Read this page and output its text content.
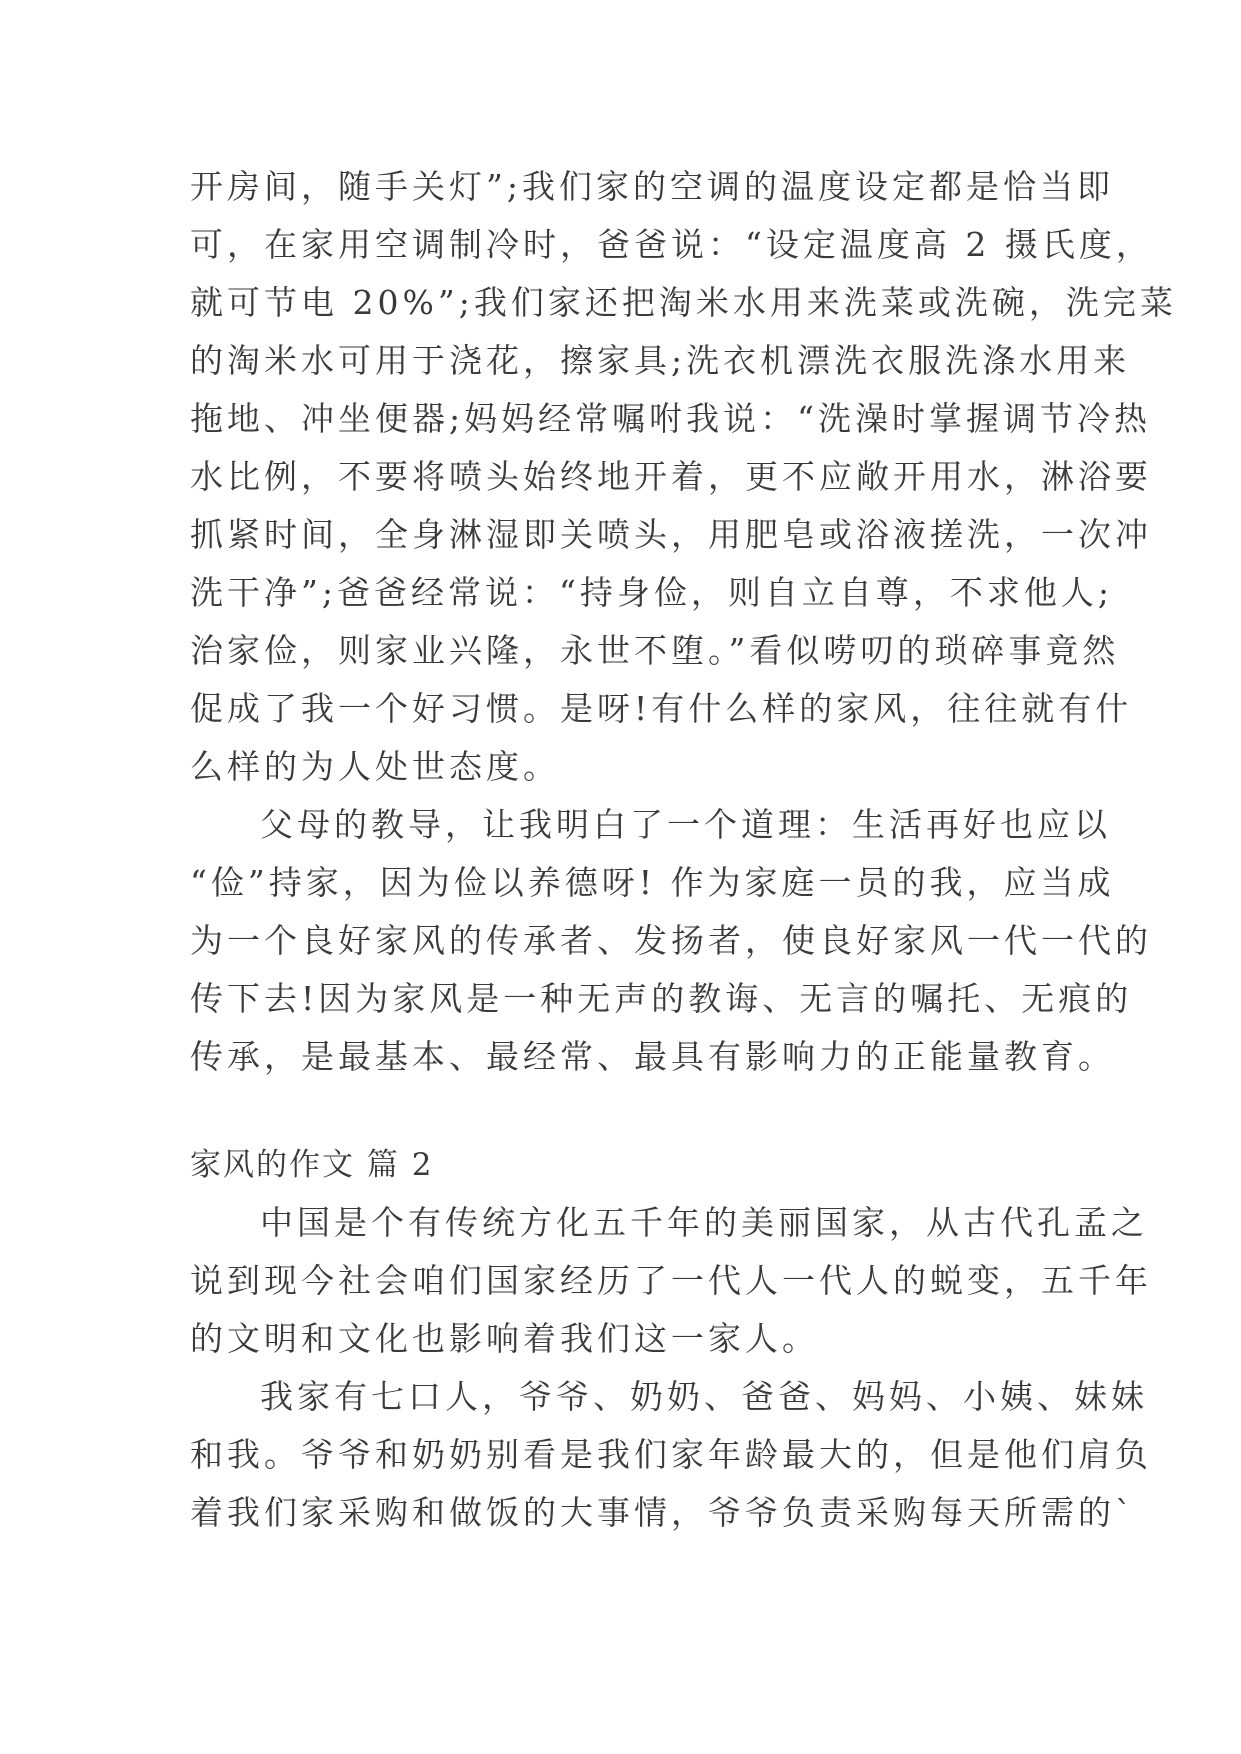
开房间，随手关灯”;我们家的空调的温度设定都是恰当即
可，在家用空调制冷时，爸爸说：“设定温度高 2 摄氏度，
就可节电 20%”;我们家还把淘米水用来洗菜或洗碗，洗完菜
的淘米水可用于浇花，擦家具;洗衣机漂洗衣服洗涤水用来
拖地、冲坐便器;妈妈经常嘱咐我说：“洗澡时掌握调节冷热
水比例，不要将喷头始终地开着，更不应敞开用水，淋浴要
抓紧时间，全身淋湿即关喷头，用肥皂或浴液搓洗，一次冲
洗干净”;爸爸经常说：“持身俭，则自立自尊，不求他人;
治家俭，则家业兴隆，永世不堕。”看似唠叨的琐碎事竟然
促成了我一个好习惯。是呀!有什么样的家风，往往就有什
么样的为人处世态度。
父母的教导，让我明白了一个道理：生活再好也应以
“俭”持家，因为俭以养德呀! 作为家庭一员的我，应当成
为一个良好家风的传承者、发扬者，使良好家风一代一代的
传下去!因为家风是一种无声的教诲、无言的嘱托、无痕的
传承，是最基本、最经常、最具有影响力的正能量教育。
家风的作文 篇 2
中国是个有传统方化五千年的美丽国家，从古代孔孟之
说到现今社会咱们国家经历了一代人一代人的蜕变，五千年
的文明和文化也影响着我们这一家人。
我家有七口人，爷爷、奶奶、爸爸、妈妈、小姨、妹妹
和我。爷爷和奶奶别看是我们家年龄最大的，但是他们肩负
着我们家采购和做饭的大事情，爷爷负责采购每天所需的`
